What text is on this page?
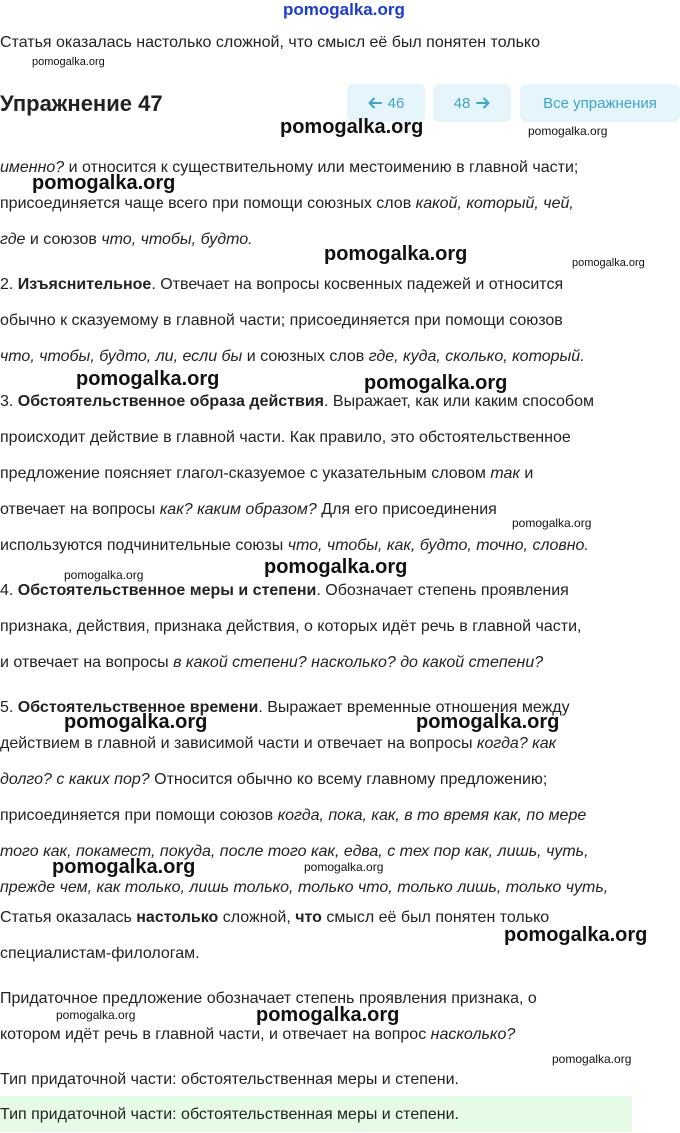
pomogalka.org
Статья оказалась настолько сложной, что смысл её был понятен только
Упражнение 47	46	48	Все упражнения
именно? и относится к существительному или местоимению в главной части;
присоединяется чаще всего при помощи союзных слов какой, который, чей,
где и союзов что, чтобы, будто.
2. Изъяснительное. Отвечает на вопросы косвенных падежей и относится
обычно к сказуемому в главной части; присоединяется при помощи союзов
что, чтобы, будто, ли, если бы и союзных слов где, куда, сколько, который.
3. Обстоятельственное образа действия. Выражает, как или каким способом
происходит действие в главной части. Как правило, это обстоятельственное
предложение поясняет глагол-сказуемое с указательным словом так и
отвечает на вопросы как? каким образом? Для его присоединения
используются подчинительные союзы что, чтобы, как, будто, точно, словно.
4. Обстоятельственное меры и степени. Обозначает степень проявления
признака, действия, признака действия, о которых идёт речь в главной части,
и отвечает на вопросы в какой степени? насколько? до какой степени?
5. Обстоятельственное времени. Выражает временные отношения между
действием в главной и зависимой части и отвечает на вопросы когда? как
долго? с каких пор? Относится обычно ко всему главному предложению;
присоединяется при помощи союзов когда, пока, как, в то время как, по мере
того как, покамест, покуда, после того как, едва, с тех пор как, лишь, чуть,
прежде чем, как только, лишь только, только что, только лишь, только чуть,
Статья оказалась настолько сложной, что смысл её был понятен только
специалистам-филологам.
Придаточное предложение обозначает степень проявления признака, о
котором идёт речь в главной части, и отвечает на вопрос насколько?
Тип придаточной части: обстоятельственная меры и степени.
Тип придаточной части: обстоятельственная меры и степени.
pomogalka.org
pomogalka.org	pomogalka.org
pomogalka.org
pomogalka.org	pomogalka.org
pomogalka.org	pomogalka.org
pomogalka.org
pomogalka.org
pomogalka.org
pomogalka.org	pomogalka.org
pomogalka.org	pomogalka.org
pomogalka.org
pomogalka.org	pomogalka.org
pomogalka.org
